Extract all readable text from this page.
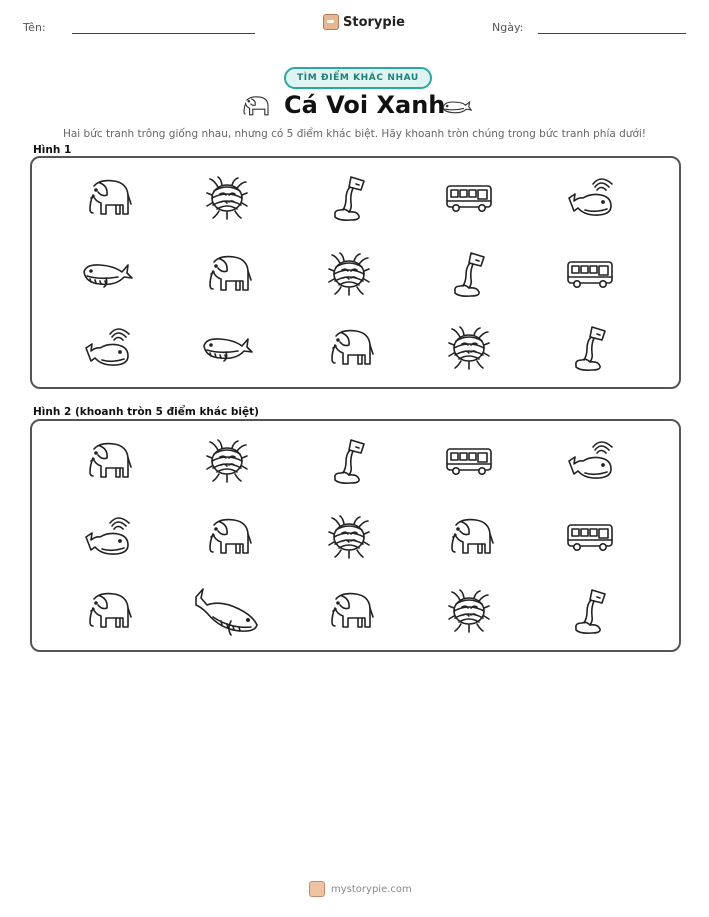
Tên:	Storypie	Ngày:
TÌM ĐIỂM KHÁC NHAU
Cá Voi Xanh
Hai bức tranh trông giống nhau, nhưng có 5 điểm khác biệt. Hãy khoanh tròn chúng trong bức tranh phía dưới!
Hình 1
Hình 2 (khoanh tròn 5 điểm khác biệt)
mystorypie.com
